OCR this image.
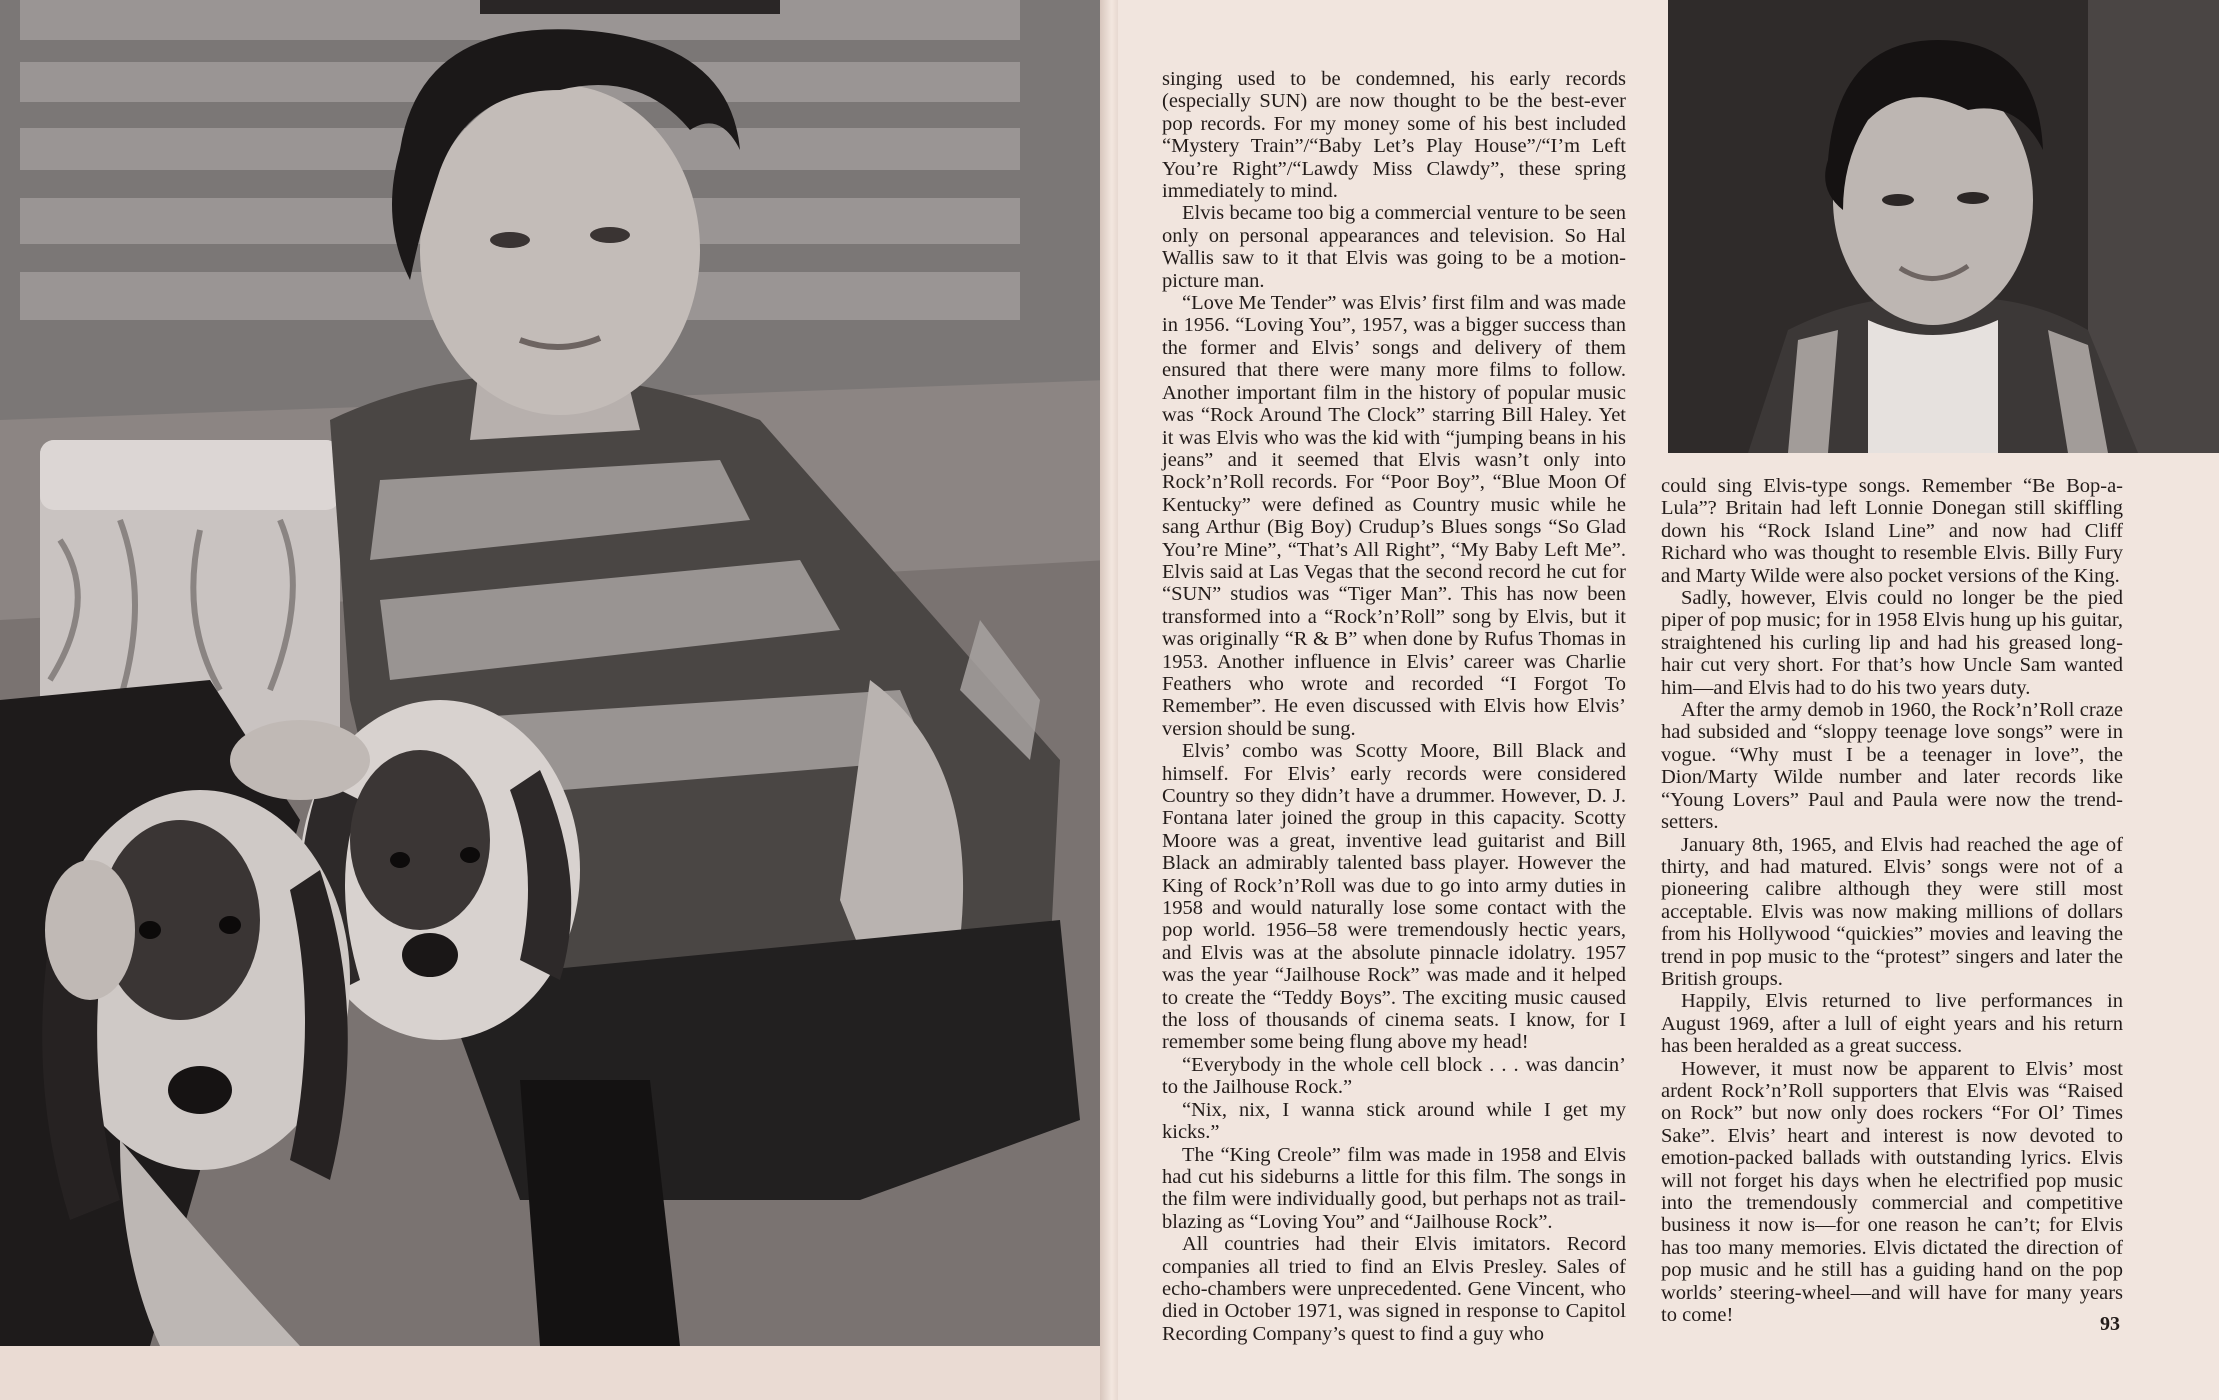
singing used to be condemned, his early records (especially SUN) are now thought to be the best-ever pop records. For my money some of his best included “Mystery Train”/“Baby Let’s Play House”/“I’m Left You’re Right”/“Lawdy Miss Clawdy”, these spring immediately to mind.

Elvis became too big a commercial venture to be seen only on personal appearances and television. So Hal Wallis saw to it that Elvis was going to be a motion-picture man.

“Love Me Tender” was Elvis’ first film and was made in 1956. “Loving You”, 1957, was a bigger success than the former and Elvis’ songs and delivery of them ensured that there were many more films to follow. Another important film in the history of popular music was “Rock Around The Clock” starring Bill Haley. Yet it was Elvis who was the kid with “jumping beans in his jeans” and it seemed that Elvis wasn’t only into Rock’n’Roll records. For “Poor Boy”, “Blue Moon Of Kentucky” were defined as Country music while he sang Arthur (Big Boy) Crudup’s Blues songs “So Glad You’re Mine”, “That’s All Right”, “My Baby Left Me”. Elvis said at Las Vegas that the second record he cut for “SUN” studios was “Tiger Man”. This has now been transformed into a “Rock’n’Roll” song by Elvis, but it was originally “R & B” when done by Rufus Thomas in 1953. Another influence in Elvis’ career was Charlie Feathers who wrote and recorded “I Forgot To Remember”. He even discussed with Elvis how Elvis’ version should be sung.

Elvis’ combo was Scotty Moore, Bill Black and himself. For Elvis’ early records were considered Country so they didn’t have a drummer. However, D. J. Fontana later joined the group in this capacity. Scotty Moore was a great, inventive lead guitarist and Bill Black an admirably talented bass player. However the King of Rock’n’Roll was due to go into army duties in 1958 and would naturally lose some contact with the pop world. 1956–58 were tremendously hectic years, and Elvis was at the absolute pinnacle idolatry. 1957 was the year “Jailhouse Rock” was made and it helped to create the “Teddy Boys”. The exciting music caused the loss of thousands of cinema seats. I know, for I remember some being flung above my head!

“Everybody in the whole cell block . . . was dancin’ to the Jailhouse Rock.”

“Nix, nix, I wanna stick around while I get my kicks.”

The “King Creole” film was made in 1958 and Elvis had cut his sideburns a little for this film. The songs in the film were individually good, but perhaps not as trail-blazing as “Loving You” and “Jailhouse Rock”.

All countries had their Elvis imitators. Record companies all tried to find an Elvis Presley. Sales of echo-chambers were unprecedented. Gene Vincent, who died in October 1971, was signed in response to Capitol Recording Company’s quest to find a guy who

could sing Elvis-type songs. Remember “Be Bop-a-Lula”? Britain had left Lonnie Donegan still skiffling down his “Rock Island Line” and now had Cliff Richard who was thought to resemble Elvis. Billy Fury and Marty Wilde were also pocket versions of the King.

Sadly, however, Elvis could no longer be the pied piper of pop music; for in 1958 Elvis hung up his guitar, straightened his curling lip and had his greased long-hair cut very short. For that’s how Uncle Sam wanted him—and Elvis had to do his two years duty.

After the army demob in 1960, the Rock’n’Roll craze had subsided and “sloppy teenage love songs” were in vogue. “Why must I be a teenager in love”, the Dion/Marty Wilde number and later records like “Young Lovers” Paul and Paula were now the trend-setters.

January 8th, 1965, and Elvis had reached the age of thirty, and had matured. Elvis’ songs were not of a pioneering calibre although they were still most acceptable. Elvis was now making millions of dollars from his Hollywood “quickies” movies and leaving the trend in pop music to the “protest” singers and later the British groups.

Happily, Elvis returned to live performances in August 1969, after a lull of eight years and his return has been heralded as a great success.

However, it must now be apparent to Elvis’ most ardent Rock’n’Roll supporters that Elvis was “Raised on Rock” but now only does rockers “For Ol’ Times Sake”. Elvis’ heart and interest is now devoted to emotion-packed ballads with outstanding lyrics. Elvis will not forget his days when he electrified pop music into the tremendously commercial and competitive business it now is—for one reason he can’t; for Elvis has too many memories. Elvis dictated the direction of pop music and he still has a guiding hand on the pop worlds’ steering-wheel—and will have for many years to come!	93
